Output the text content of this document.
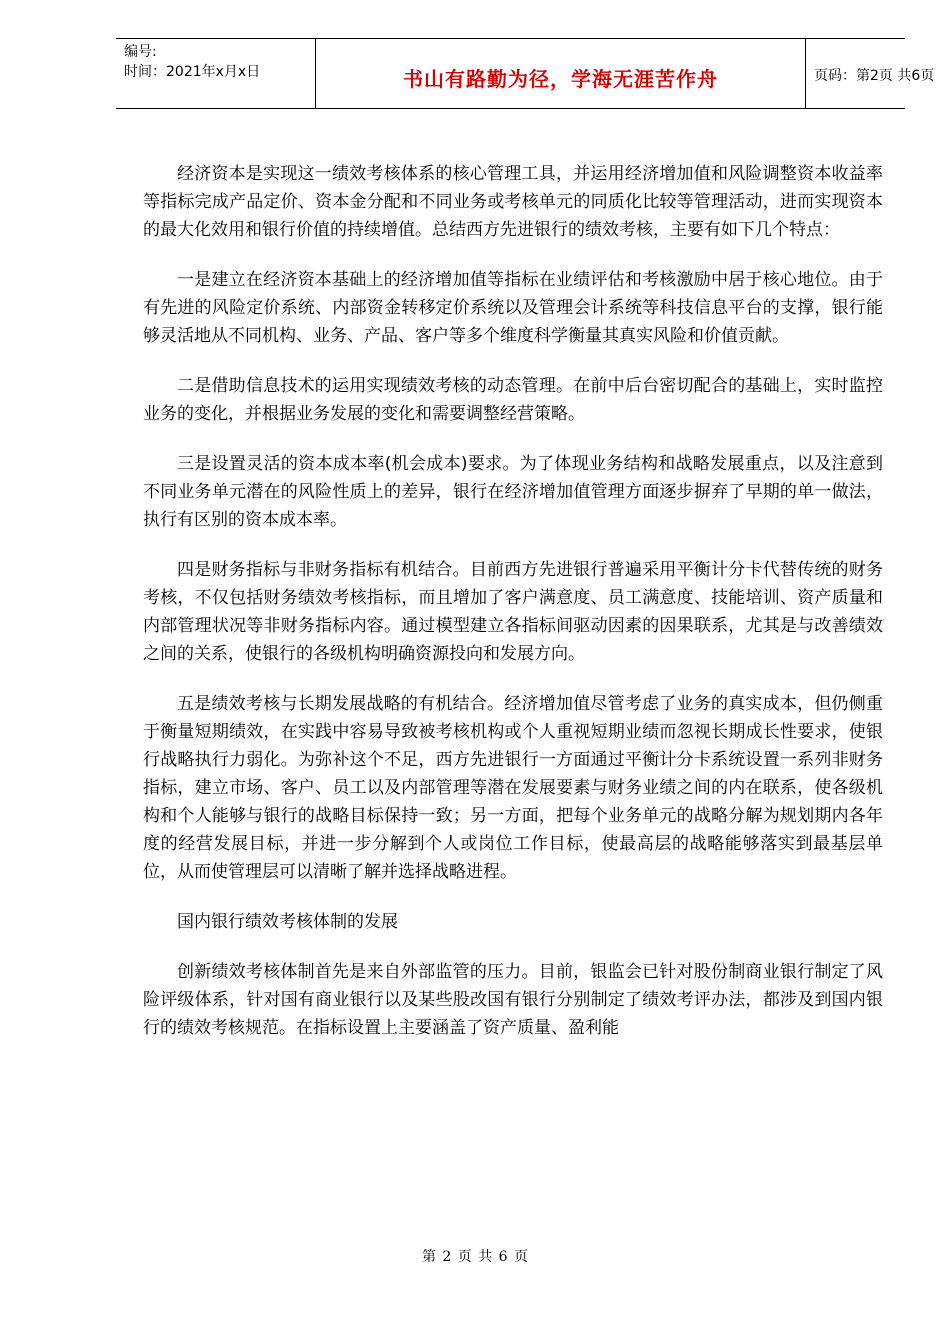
编号:
时间：2021年x月x日	书山有路勤为径，学海无涯苦作舟	页码：第2页 共6页

经济资本是实现这一绩效考核体系的核心管理工具，并运用经济增加值和风险调整资本收益率等指标完成产品定价、资本金分配和不同业务或考核单元的同质化比较等管理活动，进而实现资本的最大化效用和银行价值的持续增值。总结西方先进银行的绩效考核，主要有如下几个特点：

一是建立在经济资本基础上的经济增加值等指标在业绩评估和考核激励中居于核心地位。由于有先进的风险定价系统、内部资金转移定价系统以及管理会计系统等科技信息平台的支撑，银行能够灵活地从不同机构、业务、产品、客户等多个维度科学衡量其真实风险和价值贡献。

二是借助信息技术的运用实现绩效考核的动态管理。在前中后台密切配合的基础上，实时监控业务的变化，并根据业务发展的变化和需要调整经营策略。

三是设置灵活的资本成本率(机会成本)要求。为了体现业务结构和战略发展重点，以及注意到不同业务单元潜在的风险性质上的差异，银行在经济增加值管理方面逐步摒弃了早期的单一做法，执行有区别的资本成本率。

四是财务指标与非财务指标有机结合。目前西方先进银行普遍采用平衡计分卡代替传统的财务考核，不仅包括财务绩效考核指标，而且增加了客户满意度、员工满意度、技能培训、资产质量和内部管理状况等非财务指标内容。通过模型建立各指标间驱动因素的因果联系，尤其是与改善绩效之间的关系，使银行的各级机构明确资源投向和发展方向。

五是绩效考核与长期发展战略的有机结合。经济增加值尽管考虑了业务的真实成本，但仍侧重于衡量短期绩效，在实践中容易导致被考核机构或个人重视短期业绩而忽视长期成长性要求，使银行战略执行力弱化。为弥补这个不足，西方先进银行一方面通过平衡计分卡系统设置一系列非财务指标，建立市场、客户、员工以及内部管理等潜在发展要素与财务业绩之间的内在联系，使各级机构和个人能够与银行的战略目标保持一致；另一方面，把每个业务单元的战略分解为规划期内各年度的经营发展目标，并进一步分解到个人或岗位工作目标，使最高层的战略能够落实到最基层单位，从而使管理层可以清晰了解并选择战略进程。

国内银行绩效考核体制的发展

创新绩效考核体制首先是来自外部监管的压力。目前，银监会已针对股份制商业银行制定了风险评级体系，针对国有商业银行以及某些股改国有银行分别制定了绩效考评办法，都涉及到国内银行的绩效考核规范。在指标设置上主要涵盖了资产质量、盈利能

第 2 页 共 6 页
